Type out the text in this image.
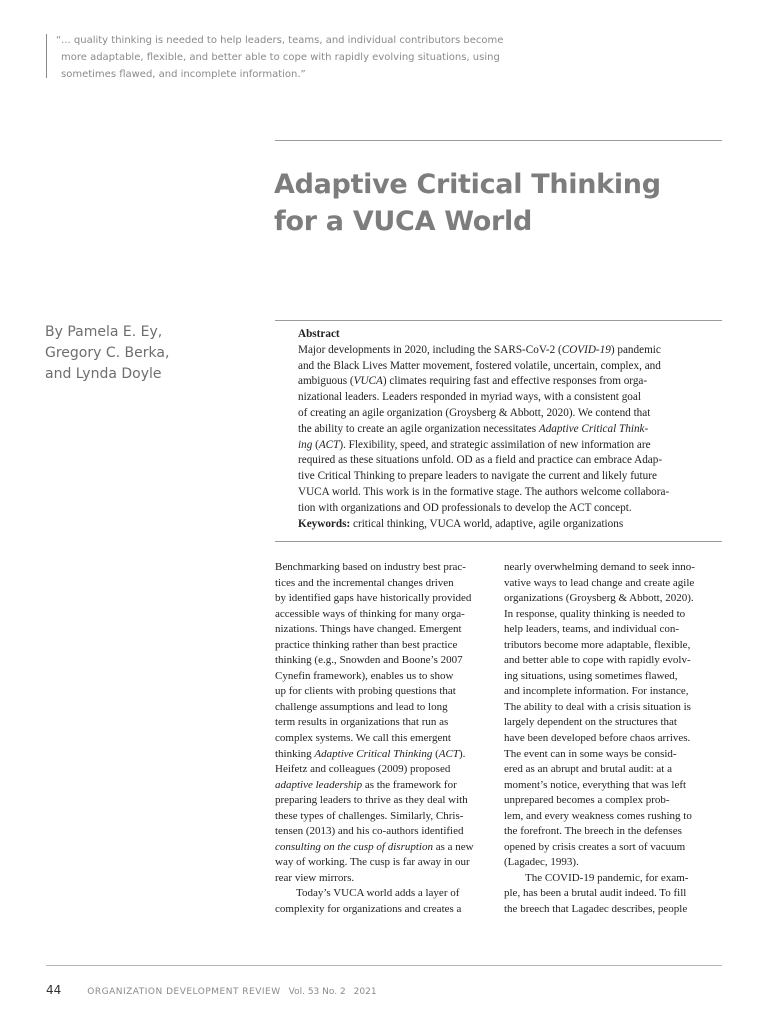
“... quality thinking is needed to help leaders, teams, and individual contributors become
more adaptable, flexible, and better able to cope with rapidly evolving situations, using
sometimes flawed, and incomplete information.”
Adaptive Critical Thinking
for a VUCA World
By Pamela E. Ey,
Gregory C. Berka,
and Lynda Doyle
Abstract
Major developments in 2020, including the SARS-CoV-2 (COVID-19) pandemic
and the Black Lives Matter movement, fostered volatile, uncertain, complex, and
ambiguous (VUCA) climates requiring fast and effective responses from orga-
nizational leaders. Leaders responded in myriad ways, with a consistent goal
of creating an agile organization (Groysberg & Abbott, 2020). We contend that
the ability to create an agile organization necessitates Adaptive Critical Think-
ing (ACT). Flexibility, speed, and strategic assimilation of new information are
required as these situations unfold. OD as a field and practice can embrace Adap-
tive Critical Thinking to prepare leaders to navigate the current and likely future
VUCA world. This work is in the formative stage. The authors welcome collabora-
tion with organizations and OD professionals to develop the ACT concept.
Keywords: critical thinking, VUCA world, adaptive, agile organizations
Benchmarking based on industry best prac-
tices and the incremental changes driven
by identified gaps have historically provided
accessible ways of thinking for many orga-
nizations. Things have changed. Emergent
practice thinking rather than best practice
thinking (e.g., Snowden and Boone’s 2007
Cynefin framework), enables us to show
up for clients with probing questions that
challenge assumptions and lead to long
term results in organizations that run as
complex systems. We call this emergent
thinking Adaptive Critical Thinking (ACT).
Heifetz and colleagues (2009) proposed
adaptive leadership as the framework for
preparing leaders to thrive as they deal with
these types of challenges. Similarly, Chris-
tensen (2013) and his co-authors identified
consulting on the cusp of disruption as a new
way of working. The cusp is far away in our
rear view mirrors.
Today’s VUCA world adds a layer of
complexity for organizations and creates a
nearly overwhelming demand to seek inno-
vative ways to lead change and create agile
organizations (Groysberg & Abbott, 2020).
In response, quality thinking is needed to
help leaders, teams, and individual con-
tributors become more adaptable, flexible,
and better able to cope with rapidly evolv-
ing situations, using sometimes flawed,
and incomplete information. For instance,
The ability to deal with a crisis situation is
largely dependent on the structures that
have been developed before chaos arrives.
The event can in some ways be consid-
ered as an abrupt and brutal audit: at a
moment’s notice, everything that was left
unprepared becomes a complex prob-
lem, and every weakness comes rushing to
the forefront. The breech in the defenses
opened by crisis creates a sort of vacuum
(Lagadec, 1993).
The COVID-19 pandemic, for exam-
ple, has been a brutal audit indeed. To fill
the breech that Lagadec describes, people
44	ORGANIZATION DEVELOPMENT REVIEW Vol. 53 No. 2 2021
